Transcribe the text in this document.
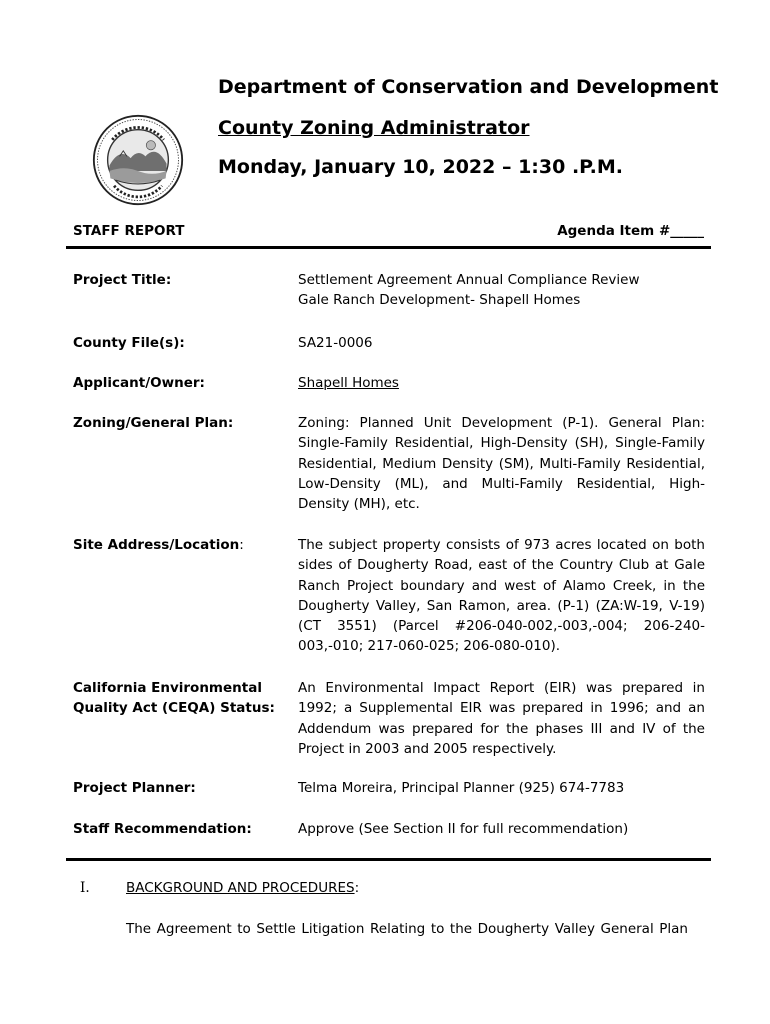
Department of Conservation and Development
County Zoning Administrator
Monday, January 10, 2022 – 1:30 .P.M.
STAFF REPORT	Agenda Item #_____
Project Title:	Settlement Agreement Annual Compliance Review
Gale Ranch Development- Shapell Homes
County File(s):	SA21-0006
Applicant/Owner:	Shapell Homes
Zoning/General Plan:	Zoning: Planned Unit Development (P-1). General Plan: Single-Family Residential, High-Density (SH), Single-Family Residential, Medium Density (SM), Multi-Family Residential, Low-Density (ML), and Multi-Family Residential, High-Density (MH), etc.
Site Address/Location:	The subject property consists of 973 acres located on both sides of Dougherty Road, east of the Country Club at Gale Ranch Project boundary and west of Alamo Creek, in the Dougherty Valley, San Ramon, area. (P-1) (ZA:W-19, V-19) (CT 3551) (Parcel #206-040-002,-003,-004; 206-240-003,-010; 217-060-025; 206-080-010).
California Environmental
Quality Act (CEQA) Status:
An Environmental Impact Report (EIR) was prepared in 1992; a Supplemental EIR was prepared in 1996; and an Addendum was prepared for the phases III and IV of the Project in 2003 and 2005 respectively.
Project Planner:	Telma Moreira, Principal Planner (925) 674-7783
Staff Recommendation:	Approve (See Section II for full recommendation)
I.	BACKGROUND AND PROCEDURES:
The Agreement to Settle Litigation Relating to the Dougherty Valley General Plan
